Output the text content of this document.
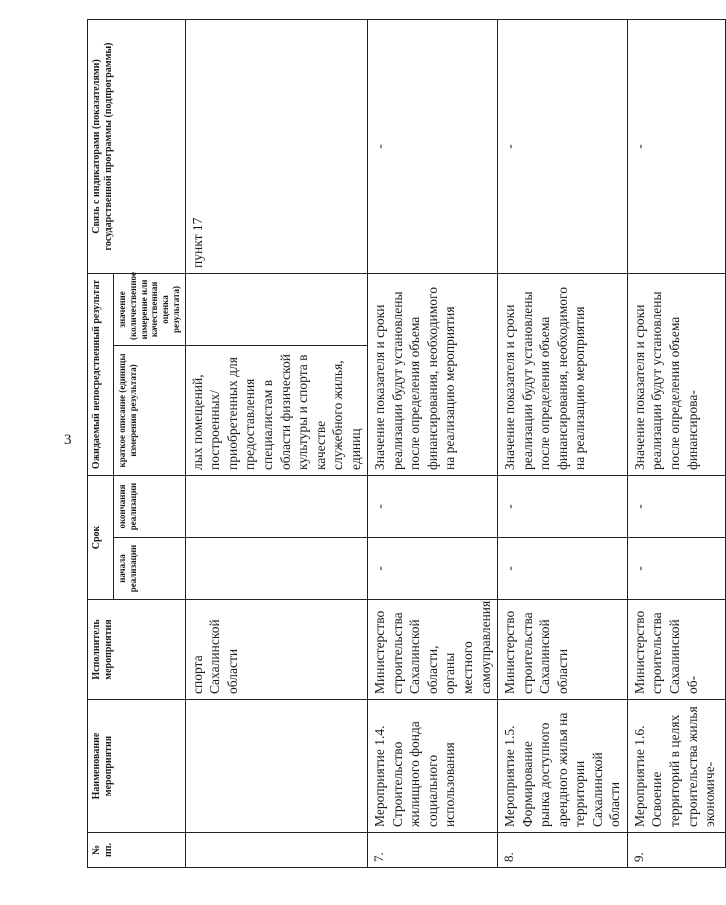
3
№ пп.	Наименование мероприятия	Исполнитель мероприятия	Срок		Ожидаемый непосредственный результат		Связь с индикаторами (показателями) государственной программы (подпрограммы)
			начала реализации	окончания реализации	краткое описание (единицы измерения результата)	значение (количественное измерение или качественная оценка результата)	
		спорта Сахалинской области			лых помещений, построенных/приобретенных для предоставления специалистам в области физической культуры и спорта в качестве служебного жилья, единиц		пункт 17
7.	Мероприятие 1.4. Строительство жилищного фонда социального использования	Министерство строительства Сахалинской области, органы местного самоуправления	-	-	Значение показателя и сроки реализации будут установлены после определения объема финансирования, необходимого на реализацию мероприятия		-
8.	Мероприятие 1.5. Формирование рынка доступного арендного жилья на территории Сахалинской области	Министерство строительства Сахалинской области	-	-	Значение показателя и сроки реализации будут установлены после определения объема финансирования, необходимого на реализацию мероприятия		-
9.	Мероприятие 1.6. Освоение территорий в целях строительства жилья экономиче-	Министерство строительства Сахалинской об-	-	-	Значение показателя и сроки реализации будут установлены после определения объема финансирова-		-
